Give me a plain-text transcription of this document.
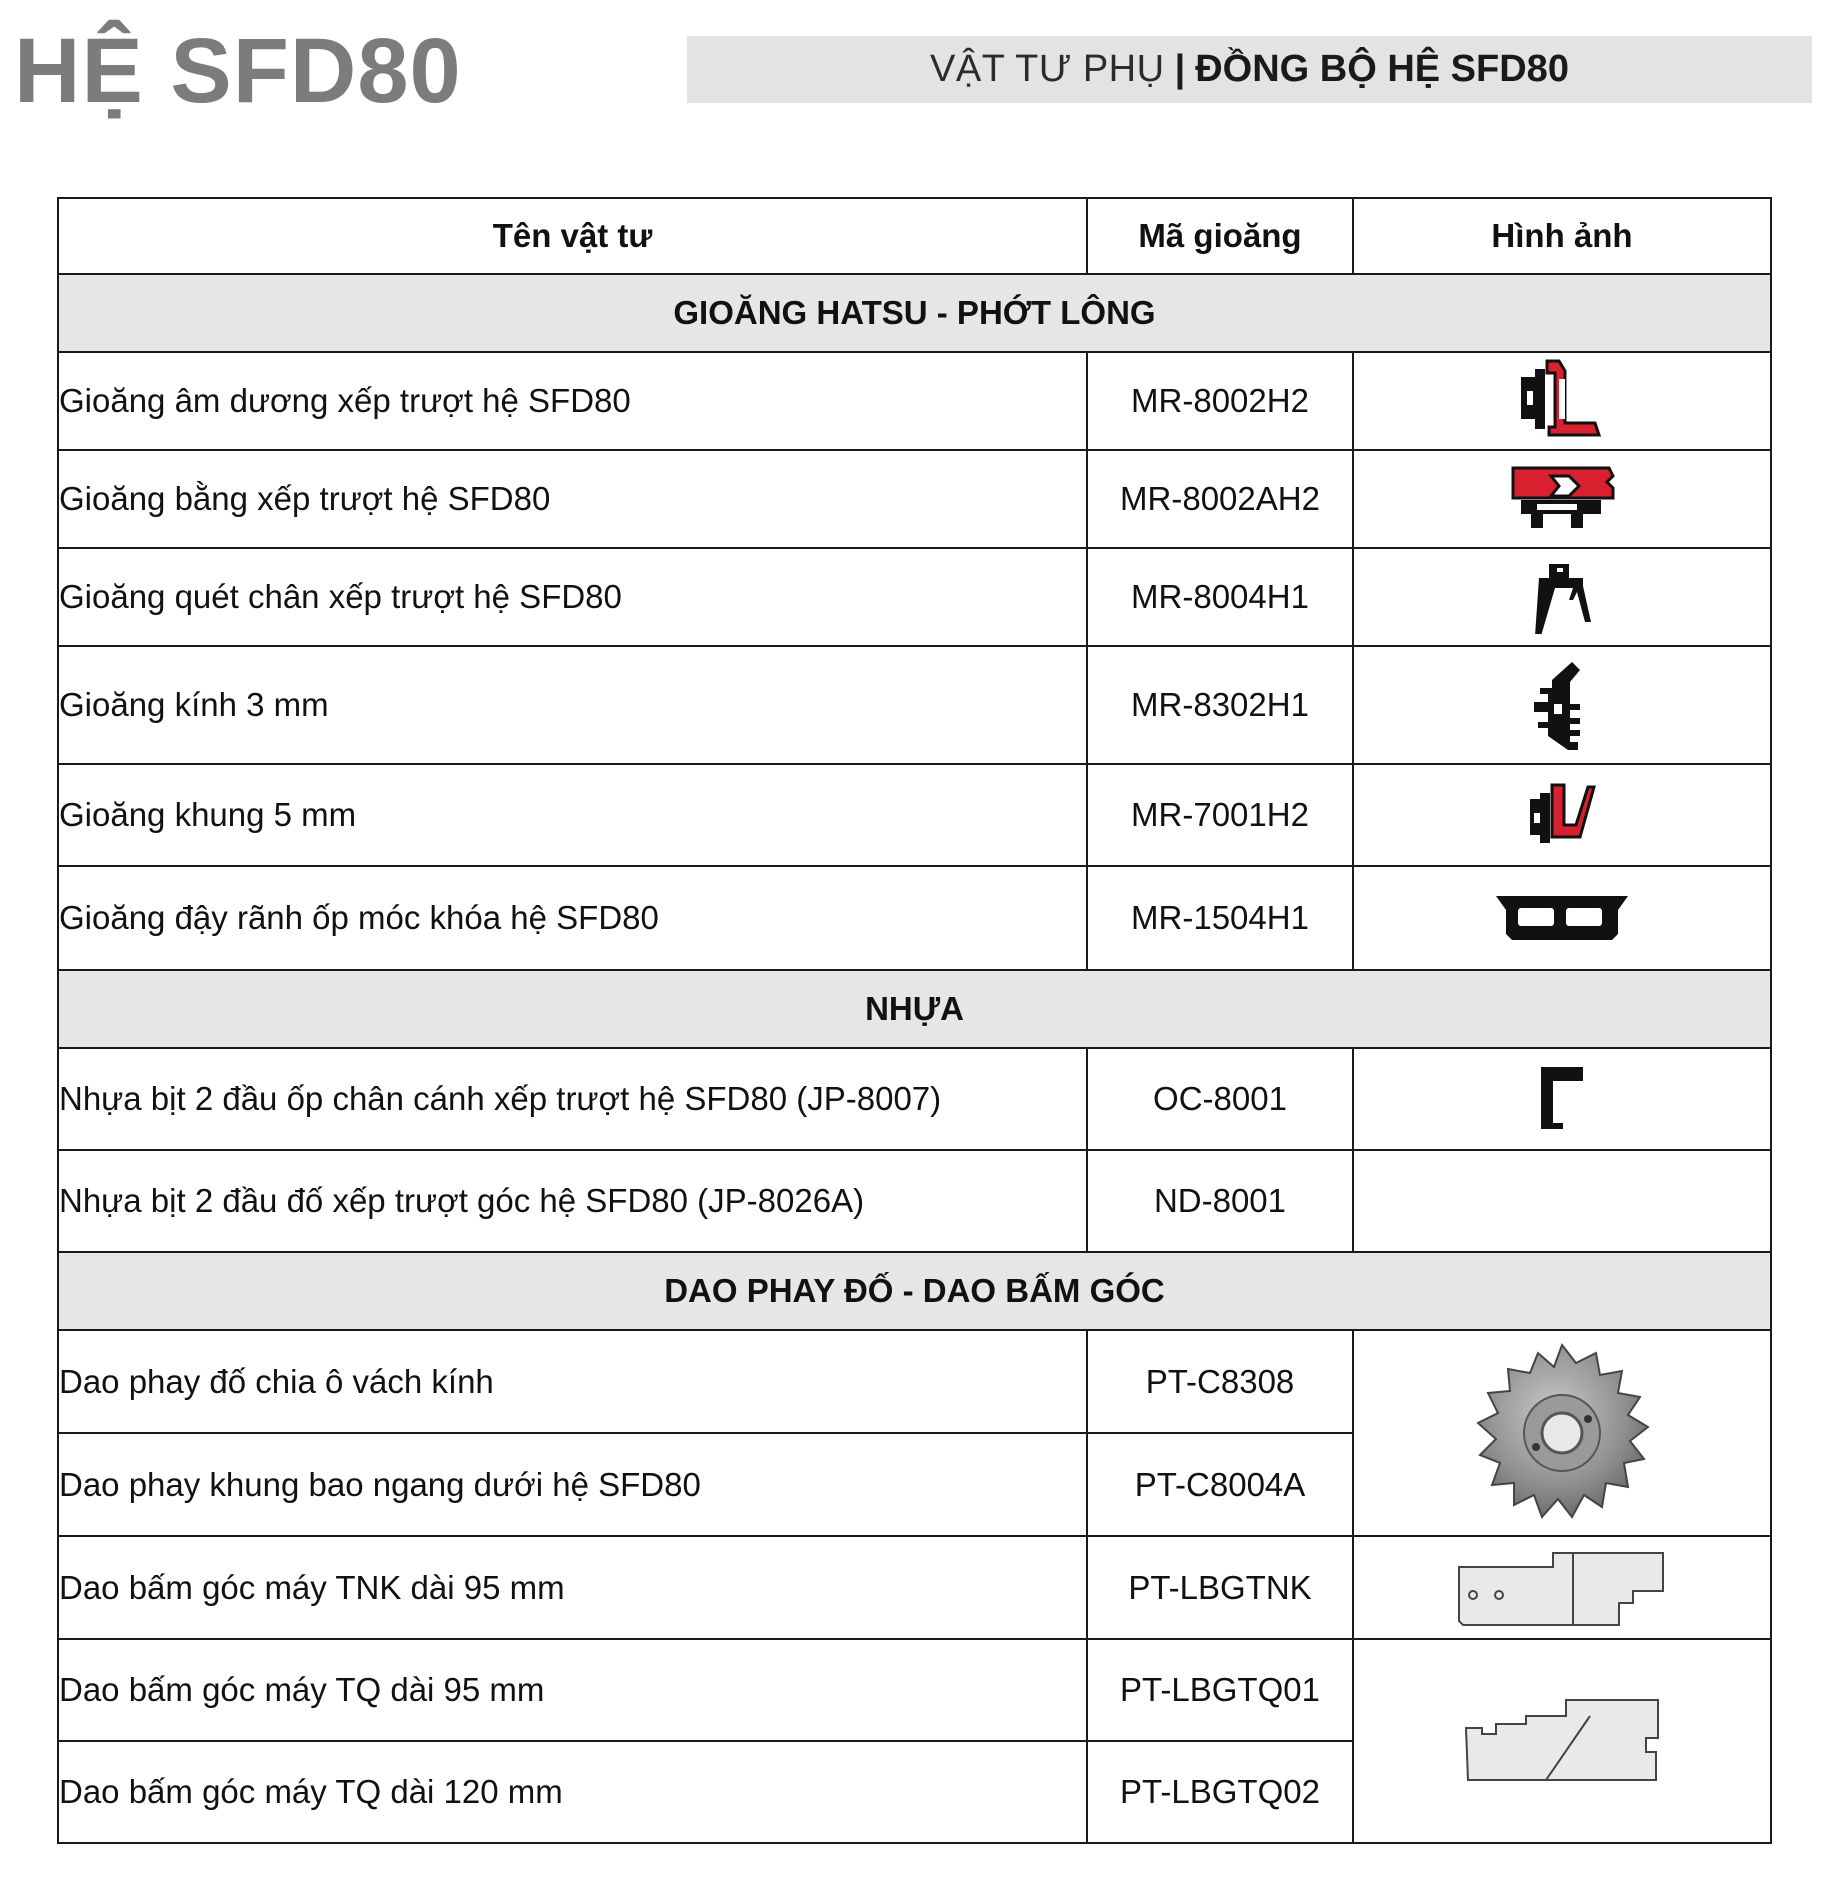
HỆ SFD80	VẬT TƯ PHỤ | ĐỒNG BỘ HỆ SFD80
Tên vật tư	Mã gioăng	Hình ảnh
GIOĂNG HATSU - PHỚT LÔNG		
Gioăng âm dương xếp trượt hệ SFD80	MR-8002H2	
Gioăng bằng xếp trượt hệ SFD80	MR-8002AH2	
Gioăng quét chân xếp trượt hệ SFD80	MR-8004H1	
Gioăng kính 3 mm	MR-8302H1	
Gioăng khung 5 mm	MR-7001H2	
Gioăng đậy rãnh ốp móc khóa hệ SFD80	MR-1504H1	
NHỰA		
Nhựa bịt 2 đầu ốp chân cánh xếp trượt hệ SFD80 (JP-8007)	OC-8001	
Nhựa bịt 2 đầu đố xếp trượt góc hệ SFD80 (JP-8026A)	ND-8001	
DAO PHAY ĐỐ - DAO BẤM GÓC		
Dao phay đố chia ô vách kính	PT-C8308	
Dao phay khung bao ngang dưới hệ SFD80	PT-C8004A	
Dao bấm góc máy TNK dài 95 mm	PT-LBGTNK	
Dao bấm góc máy TQ dài 95 mm	PT-LBGTQ01	
Dao bấm góc máy TQ dài 120 mm	PT-LBGTQ02	
